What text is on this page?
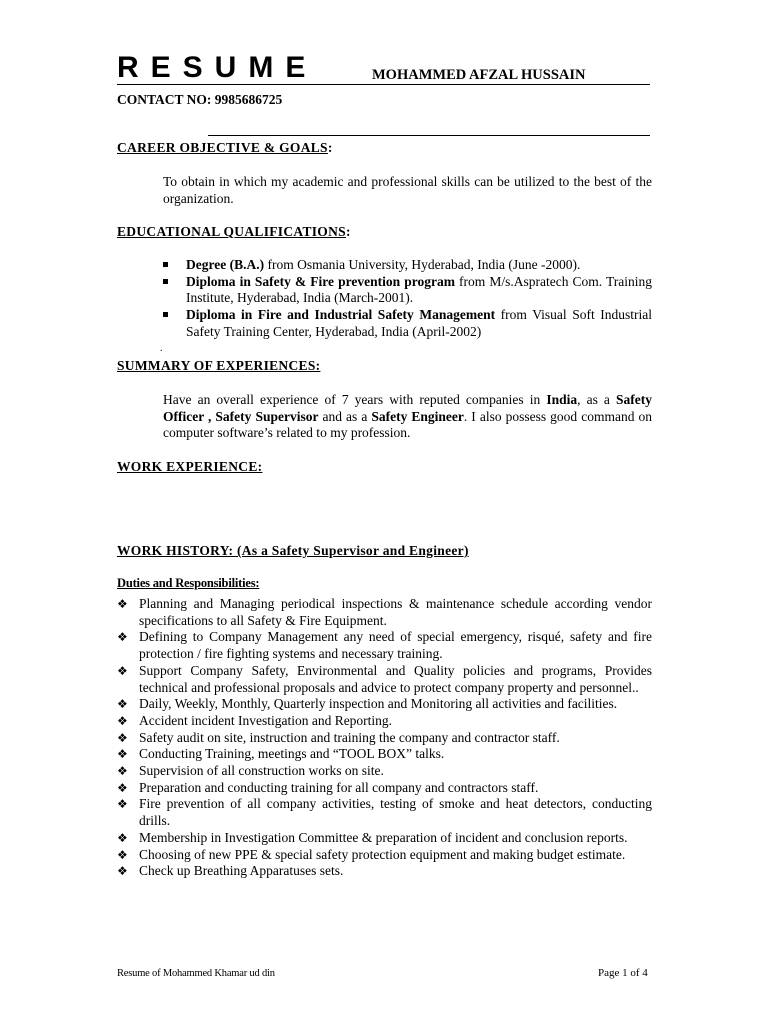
RESUME	MOHAMMED AFZAL HUSSAIN
CONTACT NO: 9985686725
CAREER OBJECTIVE & GOALS:
To obtain in which my academic and professional skills can be utilized to the best of the organization.
EDUCATIONAL QUALIFICATIONS:
Degree (B.A.) from Osmania University, Hyderabad, India (June -2000).
Diploma in Safety & Fire prevention program from M/s.Aspratech Com. Training Institute, Hyderabad, India (March-2001).
Diploma in Fire and Industrial Safety Management from Visual Soft Industrial Safety Training Center, Hyderabad, India (April-2002)
.
SUMMARY OF EXPERIENCES:
Have an overall experience of 7 years with reputed companies in India, as a Safety Officer , Safety Supervisor and as a Safety Engineer. I also possess good command on computer software’s related to my profession.
WORK EXPERIENCE:
WORK HISTORY: (As a Safety Supervisor and Engineer)
Duties and Responsibilities:
❖ Planning and Managing periodical inspections & maintenance schedule according vendor specifications to all Safety & Fire Equipment.
❖ Defining to Company Management any need of special emergency, risqué, safety and fire protection / fire fighting systems and necessary training.
❖ Support Company Safety, Environmental and Quality policies and programs, Provides technical and professional proposals and advice to protect company property and personnel..
❖ Daily, Weekly, Monthly, Quarterly inspection and Monitoring all activities and facilities.
❖ Accident incident Investigation and Reporting.
❖ Safety audit on site, instruction and training the company and contractor staff.
❖ Conducting Training, meetings and “TOOL BOX” talks.
❖ Supervision of all construction works on site.
❖ Preparation and conducting training for all company and contractors staff.
❖ Fire prevention of all company activities, testing of smoke and heat detectors, conducting drills.
❖ Membership in Investigation Committee & preparation of incident and conclusion reports.
❖ Choosing of new PPE & special safety protection equipment and making budget estimate.
❖ Check up Breathing Apparatuses sets.
Resume of Mohammed Khamar ud din	Page 1 of 4
